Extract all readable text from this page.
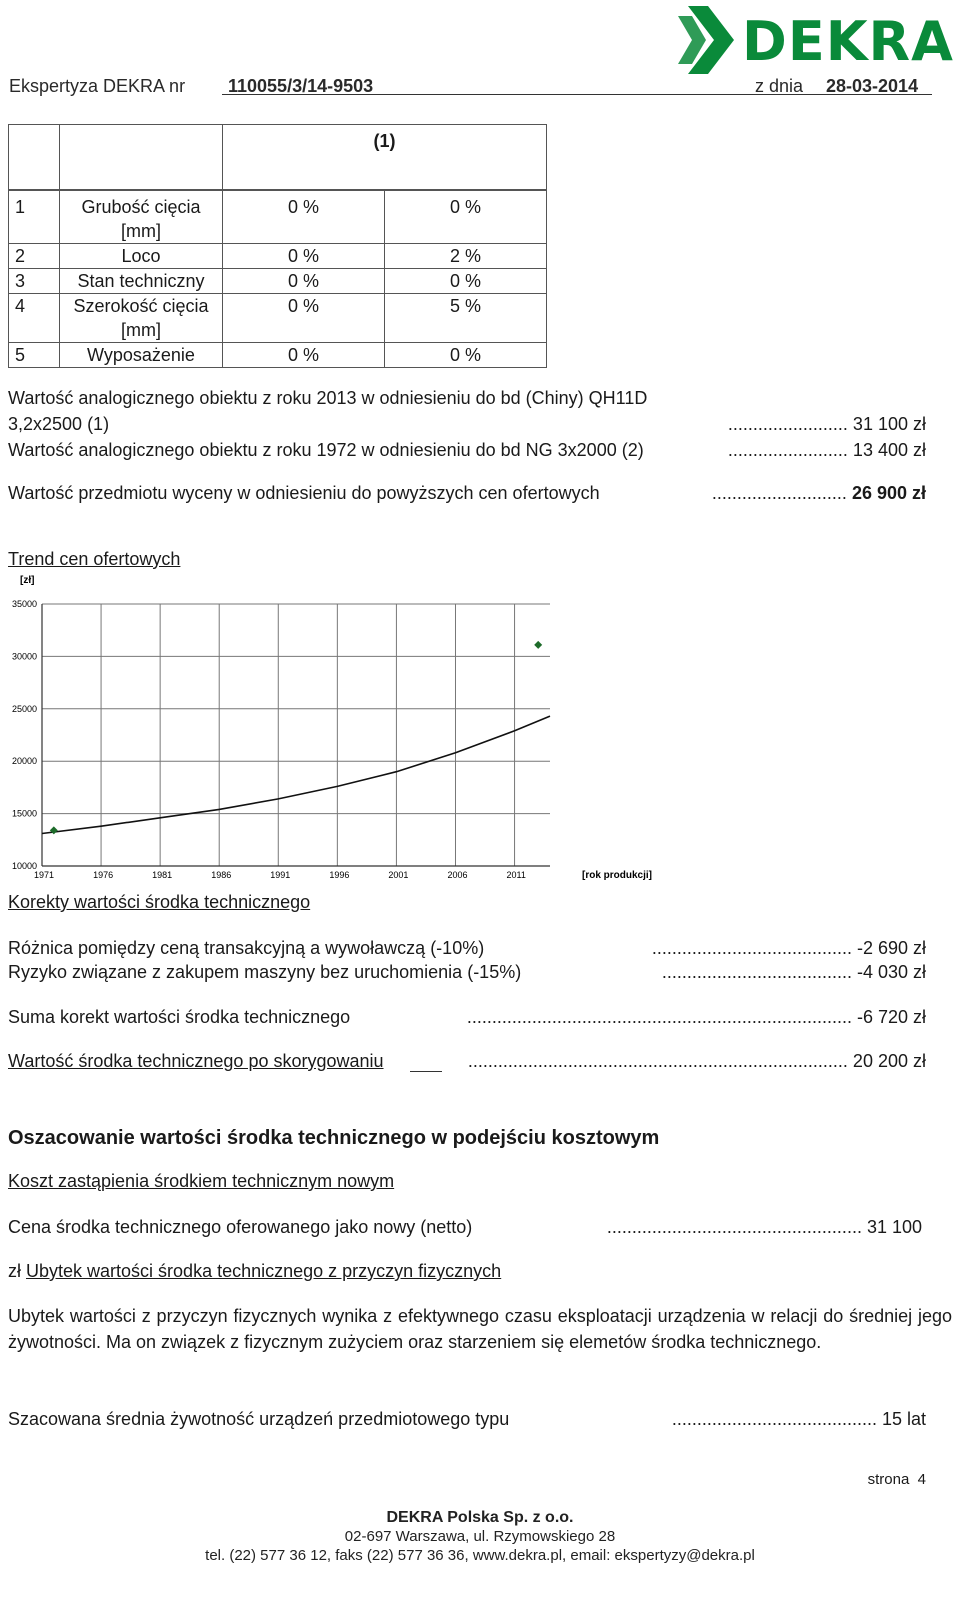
DEKRA
Ekspertyza DEKRA nr 110055/3/14-9503	z dnia 28-03-2014
		(1)	

1	Grubość cięcia [mm]	0 %	0 %
2	Loco	0 %	2 %
3	Stan techniczny	0 %	0 %
4	Szerokość cięcia [mm]	0 %	5 %
5	Wyposażenie	0 %	0 %
Wartość analogicznego obiektu z roku 2013 w odniesieniu do bd (Chiny) QH11D
3,2x2500 (1)	........................ 31 100 zł
Wartość analogicznego obiektu z roku 1972 w odniesieniu do bd NG 3x2000 (2)	........................ 13 400 zł
Wartość przedmiotu wyceny w odniesieniu do powyższych cen ofertowych	........................... 26 900 zł
Trend cen ofertowych
[zł]
[rok produkcji]
35000
30000
25000
20000
15000
10000
1971	1976	1981	1986	1991	1996	2001	2006	2011
Korekty wartości środka technicznego
Różnica pomiędzy ceną transakcyjną a wywoławczą (-10%)	........................................ -2 690 zł
Ryzyko związane z zakupem maszyny bez uruchomienia (-15%)	...................................... -4 030 zł
Suma korekt wartości środka technicznego	............................................................................. -6 720 zł
Wartość środka technicznego po skorygowaniu	............................................................................ 20 200 zł
Oszacowanie wartości środka technicznego w podejściu kosztowym
Koszt zastąpienia środkiem technicznym nowym
Cena środka technicznego oferowanego jako nowy (netto)	................................................... 31 100
zł Ubytek wartości środka technicznego z przyczyn fizycznych
Ubytek wartości z przyczyn fizycznych wynika z efektywnego czasu eksploatacji urządzenia w relacji do średniej jego żywotności. Ma on związek z fizycznym zużyciem oraz starzeniem się elemetów środka technicznego.
Szacowana średnia żywotność urządzeń przedmiotowego typu	......................................... 15 lat
strona 4
DEKRA Polska Sp. z o.o.
02-697 Warszawa, ul. Rzymowskiego 28
tel. (22) 577 36 12, faks (22) 577 36 36, www.dekra.pl, email: ekspertyzy@dekra.pl
